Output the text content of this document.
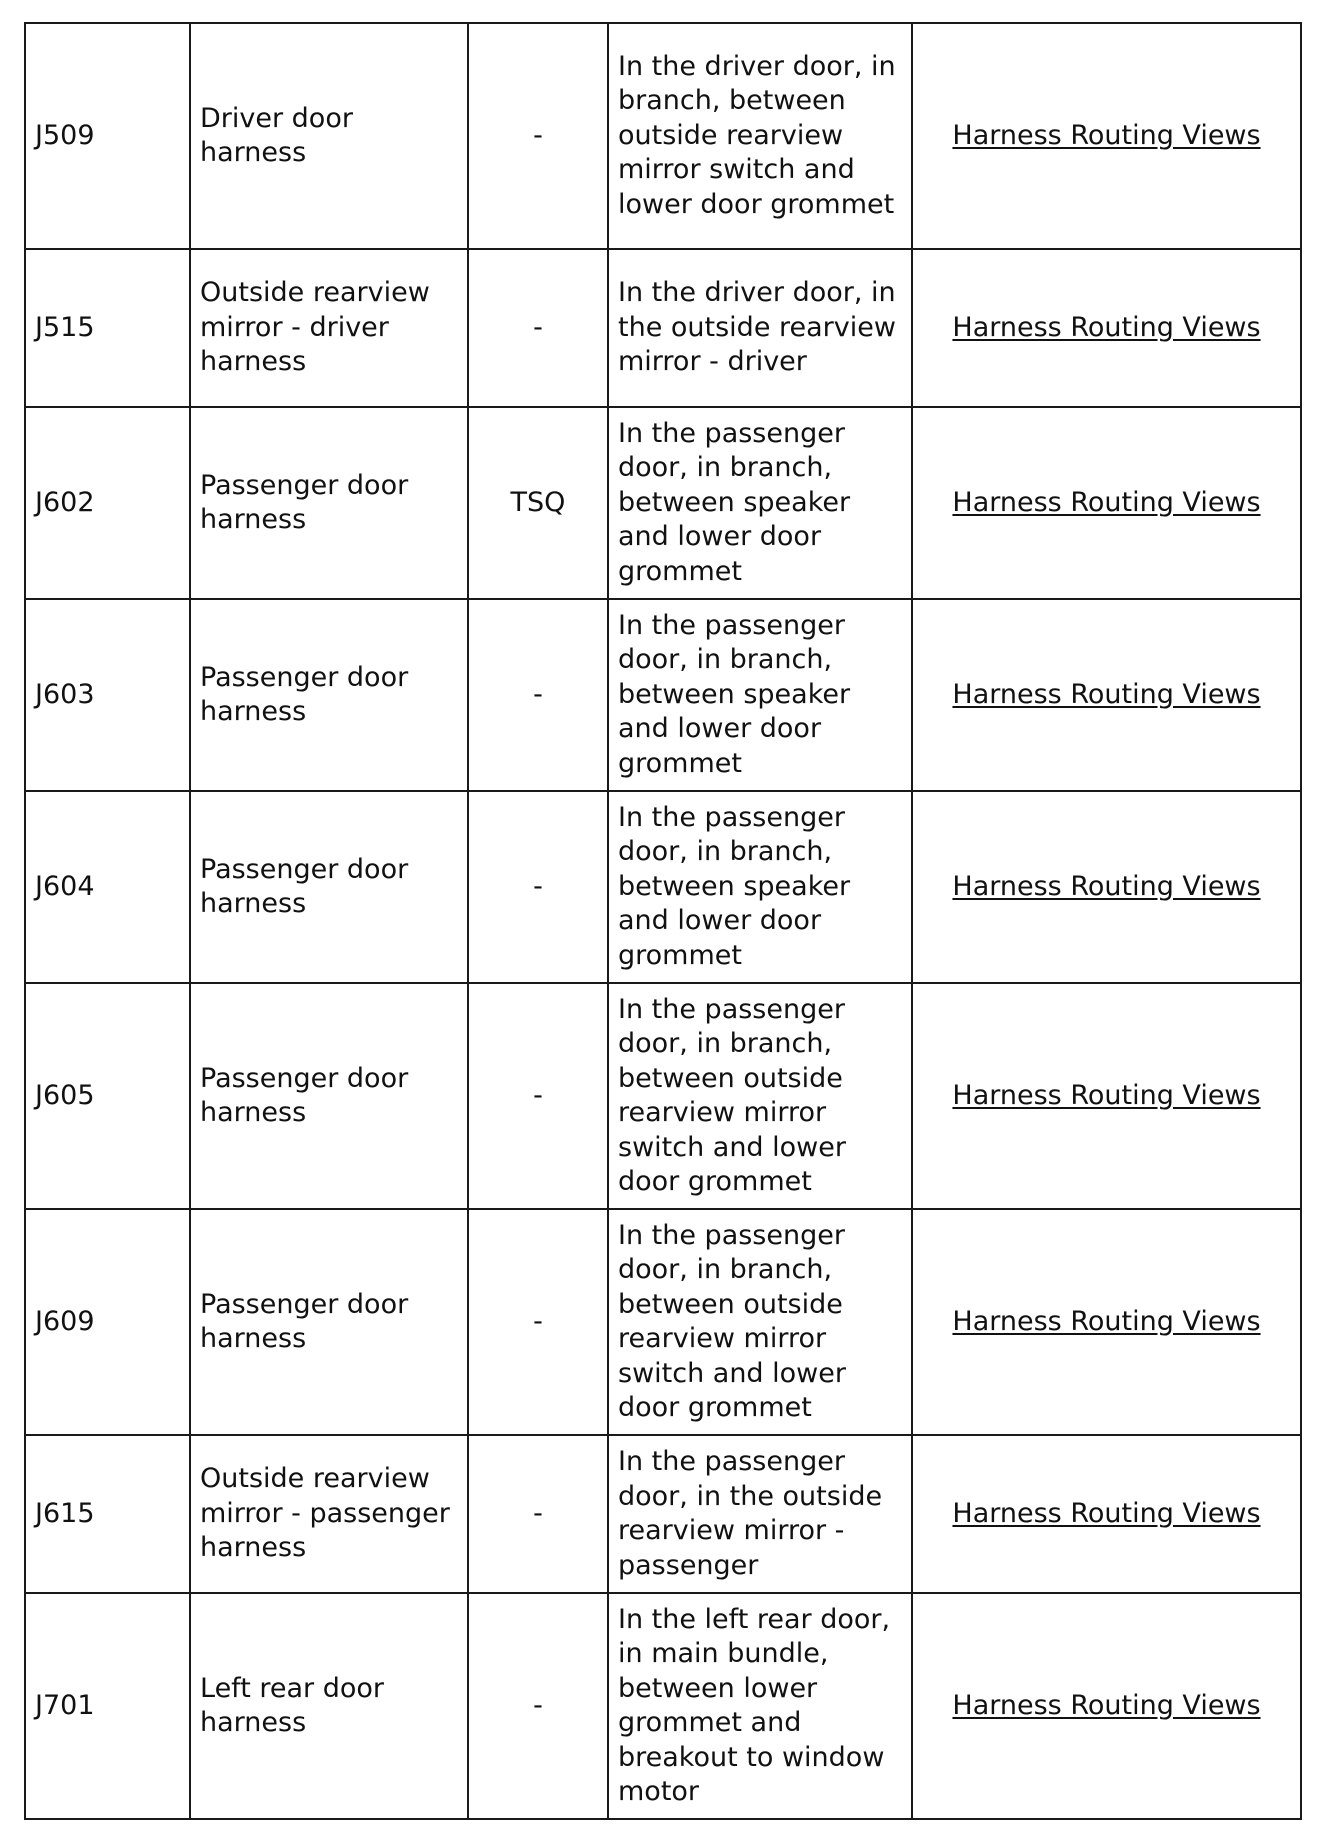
J509	Driver door harness	-	In the driver door, in branch, between outside rearview mirror switch and lower door grommet	Harness Routing Views
J515	Outside rearview mirror - driver harness	-	In the driver door, in the outside rearview mirror - driver	Harness Routing Views
J602	Passenger door harness	TSQ	In the passenger door, in branch, between speaker and lower door grommet	Harness Routing Views
J603	Passenger door harness	-	In the passenger door, in branch, between speaker and lower door grommet	Harness Routing Views
J604	Passenger door harness	-	In the passenger door, in branch, between speaker and lower door grommet	Harness Routing Views
J605	Passenger door harness	-	In the passenger door, in branch, between outside rearview mirror switch and lower door grommet	Harness Routing Views
J609	Passenger door harness	-	In the passenger door, in branch, between outside rearview mirror switch and lower door grommet	Harness Routing Views
J615	Outside rearview mirror - passenger harness	-	In the passenger door, in the outside rearview mirror - passenger	Harness Routing Views
J701	Left rear door harness	-	In the left rear door, in main bundle, between lower grommet and breakout to window motor	Harness Routing Views
